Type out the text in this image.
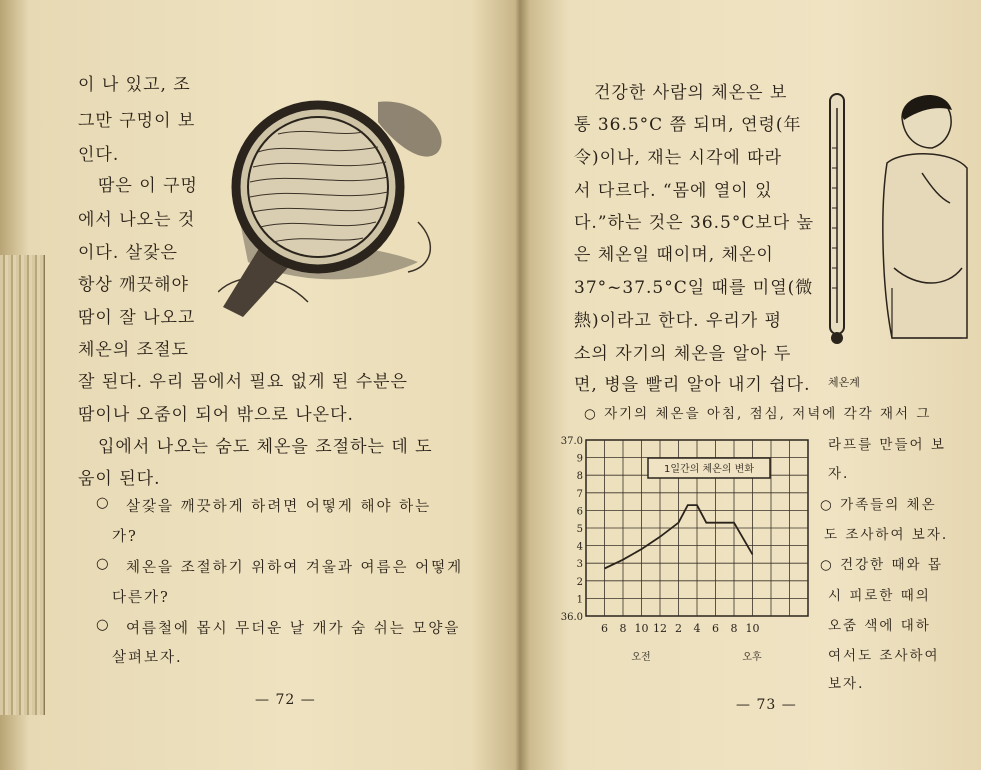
이 나 있고, 조
그만 구멍이 보
인다.
땀은 이 구멍
에서 나오는 것
이다. 살갗은
항상 깨끗해야
땀이 잘 나오고
체온의 조절도
잘 된다. 우리 몸에서 필요 없게 된 수분은
땀이나 오줌이 되어 밖으로 나온다.
입에서 나오는 숨도 체온을 조절하는 데 도
움이 된다.
○ 살갗을 깨끗하게 하려면 어떻게 해야 하는
가?
○ 체온을 조절하기 위하여 겨울과 여름은 어떻게
다른가?
○ 여름철에 몹시 무더운 날 개가 숨 쉬는 모양을
살펴보자.
— 72 —
건강한 사람의 체온은 보
통 36.5°C 쯤 되며, 연령(年
令)이나, 재는 시각에 따라
서 다르다. “몸에 열이 있
다.”하는 것은 36.5°C보다 높
은 체온일 때이며, 체온이
37°~37.5°C일 때를 미열(微
熱)이라고 한다. 우리가 평
소의 자기의 체온을 알아 두
면, 병을 빨리 알아 내기 쉽다. 체온계
○ 자기의 체온을 아침, 점심, 저녁에 각각 재서 그
라프를 만들어 보
자.
○ 가족들의 체온
도 조사하여 보자.
○ 건강한 때와 몹
시 피로한 때의
오줌 색에 대하
여서도 조사하여
보자.
— 73 —
36.0
1
2
3
4
5
6
7
8
9
37.0
6 8 10 12 2 4 6 8 10
1일간의 체온의 변화
오전	오후
